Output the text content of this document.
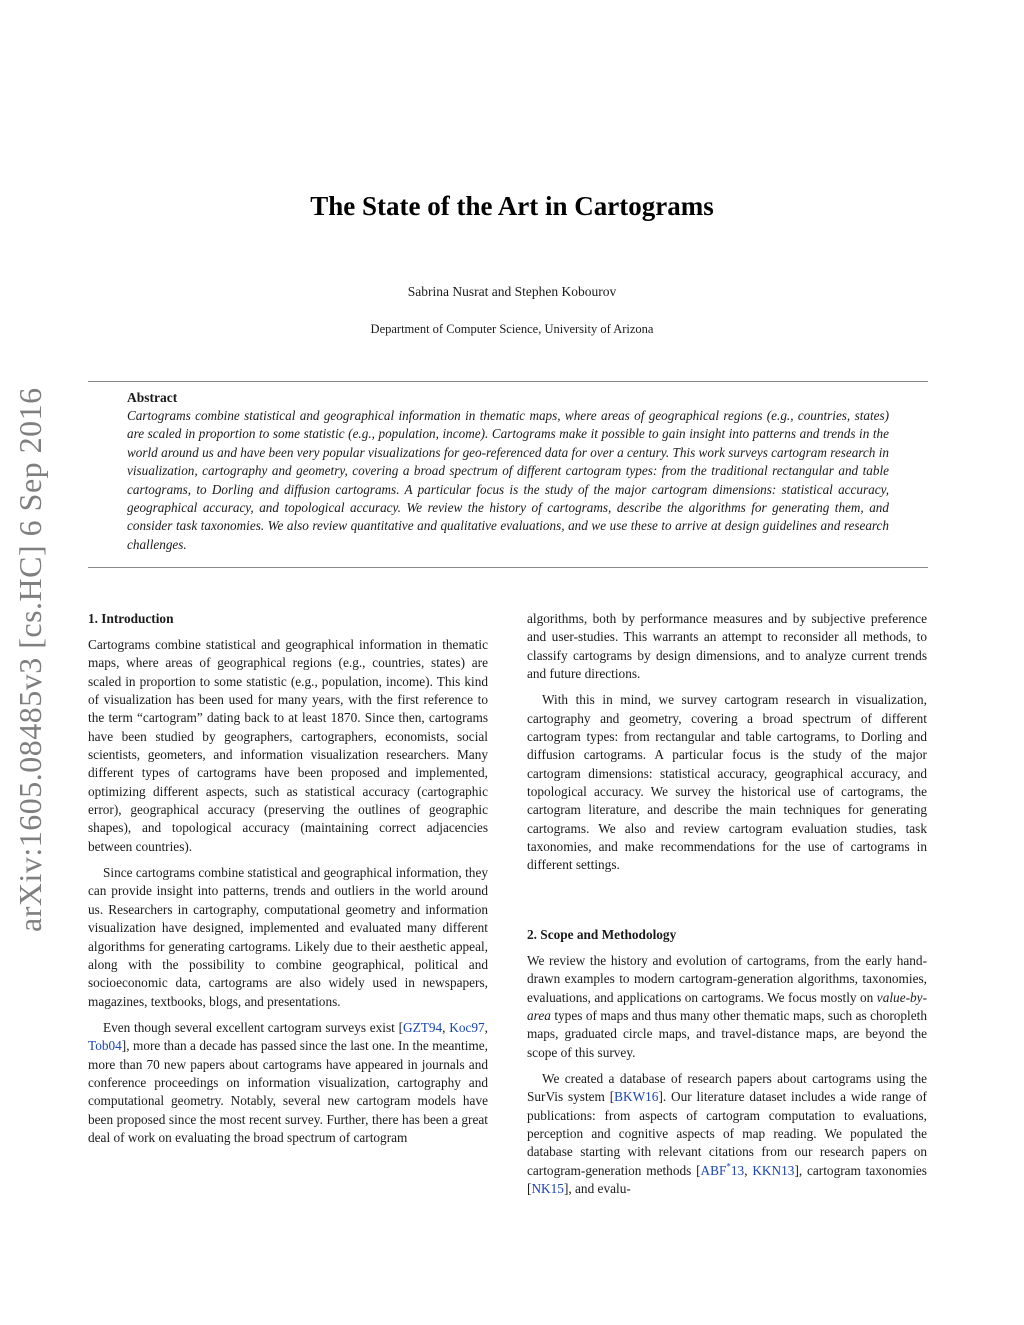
arXiv:1605.08485v3 [cs.HC] 6 Sep 2016
The State of the Art in Cartograms
Sabrina Nusrat and Stephen Kobourov
Department of Computer Science, University of Arizona
Abstract

Cartograms combine statistical and geographical information in thematic maps, where areas of geographical regions (e.g., countries, states) are scaled in proportion to some statistic (e.g., population, income). Cartograms make it possible to gain insight into patterns and trends in the world around us and have been very popular visualizations for geo-referenced data for over a century. This work surveys cartogram research in visualization, cartography and geometry, covering a broad spectrum of different cartogram types: from the traditional rectangular and table cartograms, to Dorling and diffusion cartograms. A particular focus is the study of the major cartogram dimensions: statistical accuracy, geographical accuracy, and topological accuracy. We review the history of cartograms, describe the algorithms for generating them, and consider task taxonomies. We also review quantitative and qualitative evaluations, and we use these to arrive at design guidelines and research challenges.

1. Introduction

Cartograms combine statistical and geographical information in thematic maps, where areas of geographical regions (e.g., countries, states) are scaled in proportion to some statistic (e.g., population, income). This kind of visualization has been used for many years, with the first reference to the term “cartogram” dating back to at least 1870. Since then, cartograms have been studied by geographers, cartographers, economists, social scientists, geometers, and information visualization researchers. Many different types of cartograms have been proposed and implemented, optimizing different aspects, such as statistical accuracy (cartographic error), geographical accuracy (preserving the outlines of geographic shapes), and topological accuracy (maintaining correct adjacencies between countries).

Since cartograms combine statistical and geographical information, they can provide insight into patterns, trends and outliers in the world around us. Researchers in cartography, computational geometry and information visualization have designed, implemented and evaluated many different algorithms for generating cartograms. Likely due to their aesthetic appeal, along with the possibility to combine geographical, political and socioeconomic data, cartograms are also widely used in newspapers, magazines, textbooks, blogs, and presentations.

Even though several excellent cartogram surveys exist [GZT94, Koc97, Tob04], more than a decade has passed since the last one. In the meantime, more than 70 new papers about cartograms have appeared in journals and conference proceedings on information visualization, cartography and computational geometry. Notably, several new cartogram models have been proposed since the most recent survey. Further, there has been a great deal of work on evaluating the broad spectrum of cartogram

algorithms, both by performance measures and by subjective preference and user-studies. This warrants an attempt to reconsider all methods, to classify cartograms by design dimensions, and to analyze current trends and future directions.

With this in mind, we survey cartogram research in visualization, cartography and geometry, covering a broad spectrum of different cartogram types: from rectangular and table cartograms, to Dorling and diffusion cartograms. A particular focus is the study of the major cartogram dimensions: statistical accuracy, geographical accuracy, and topological accuracy. We survey the historical use of cartograms, the cartogram literature, and describe the main techniques for generating cartograms. We also and review cartogram evaluation studies, task taxonomies, and make recommendations for the use of cartograms in different settings.

2. Scope and Methodology

We review the history and evolution of cartograms, from the early hand-drawn examples to modern cartogram-generation algorithms, taxonomies, evaluations, and applications on cartograms. We focus mostly on value-by-area types of maps and thus many other thematic maps, such as choropleth maps, graduated circle maps, and travel-distance maps, are beyond the scope of this survey.

We created a database of research papers about cartograms using the SurVis system [BKW16]. Our literature dataset includes a wide range of publications: from aspects of cartogram computation to evaluations, perception and cognitive aspects of map reading. We populated the database starting with relevant citations from our research papers on cartogram-generation methods [ABF*13, KKN13], cartogram taxonomies [NK15], and evalu-
